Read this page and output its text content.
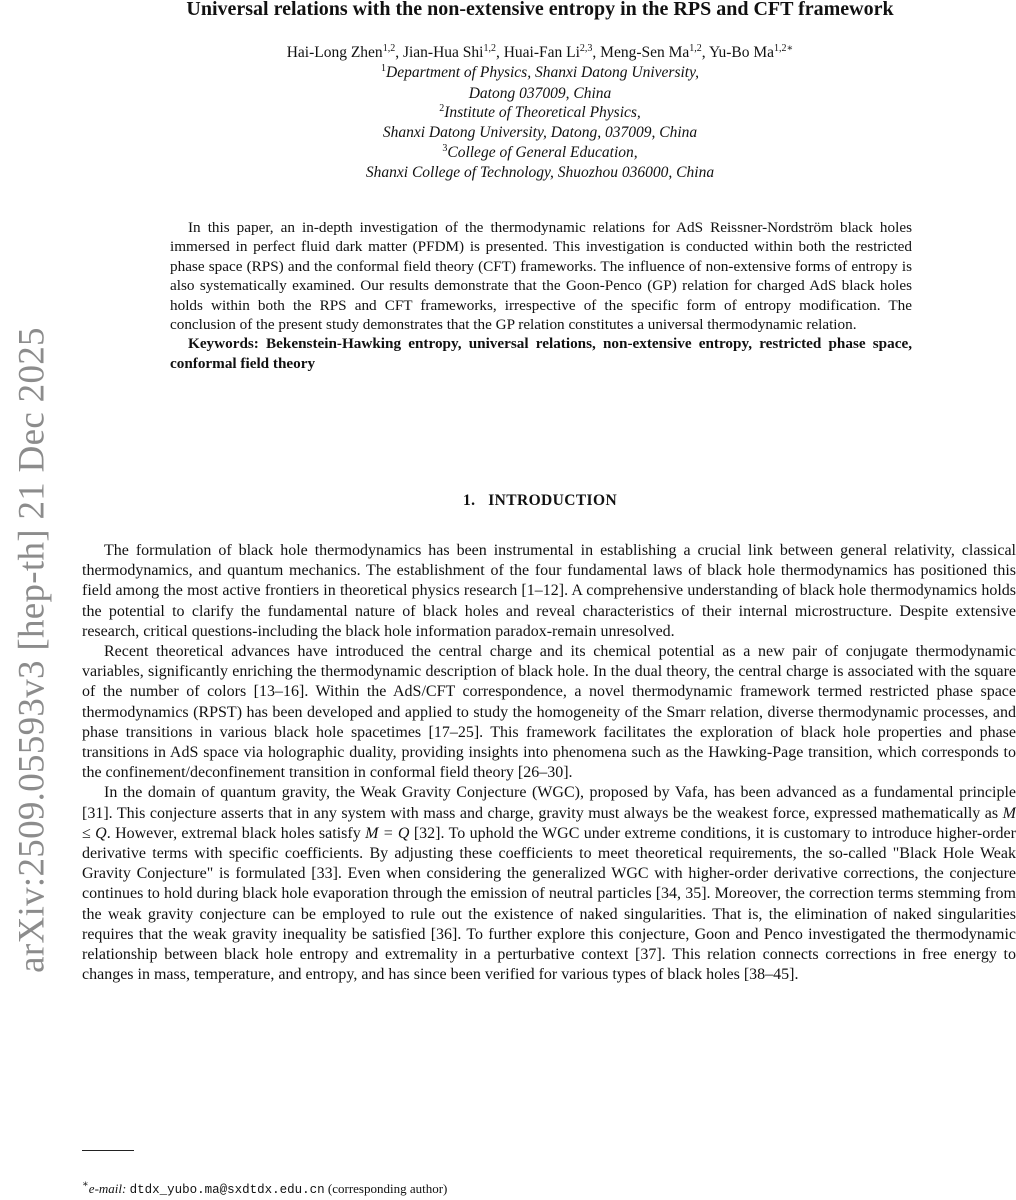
arXiv:2509.05593v3 [hep-th] 21 Dec 2025
Universal relations with the non-extensive entropy in the RPS and CFT framework
Hai-Long Zhen$^{1,2}$, Jian-Hua Shi$^{1,2}$, Huai-Fan Li$^{2,3}$, Meng-Sen Ma$^{1,2}$, Yu-Bo $Ma^{1,2∗}$
$^1$Department of Physics, Shanxi Datong University,
Datong 037009, China
$^2$Institute of Theoretical Physics,
Shanxi Datong University, Datong, 037009, China
$^3$College of General Education,
Shanxi College of Technology, Shuozhou 036000, China

In this paper, an in-depth investigation of the thermodynamic relations for AdS Reissner-Nordström black holes immersed in perfect fluid dark matter (PFDM) is presented. This investigation is conducted within both the restricted phase space (RPS) and the conformal field theory (CFT) frameworks. The influence of non-extensive forms of entropy is also systematically examined. Our results demonstrate that the Goon-Penco (GP) relation for charged AdS black holes holds within both the RPS and CFT frameworks, irrespective of the specific form of entropy modification. The conclusion of the present study demonstrates that the GP relation constitutes a universal thermodynamic relation.

Keywords: Bekenstein-Hawking entropy, universal relations, non-extensive entropy, restricted phase space, conformal field theory

1. INTRODUCTION

The formulation of black hole thermodynamics has been instrumental in establishing a crucial link between general relativity, classical thermodynamics, and quantum mechanics. The establishment of the four fundamental laws of black hole thermodynamics has positioned this field among the most active frontiers in theoretical physics research [1–12]. A comprehensive understanding of black hole thermodynamics holds the potential to clarify the fundamental nature of black holes and reveal characteristics of their internal microstructure. Despite extensive research, critical questions-including the black hole information paradox-remain unresolved.

Recent theoretical advances have introduced the central charge and its chemical potential as a new pair of conjugate thermodynamic variables, significantly enriching the thermodynamic description of black hole. In the dual theory, the central charge is associated with the square of the number of colors [13–16]. Within the AdS/CFT correspondence, a novel thermodynamic framework termed restricted phase space thermodynamics (RPST) has been developed and applied to study the homogeneity of the Smarr relation, diverse thermodynamic processes, and phase transitions in various black hole spacetimes [17–25]. This framework facilitates the exploration of black hole properties and phase transitions in AdS space via holographic duality, providing insights into phenomena such as the Hawking-Page transition, which corresponds to the confinement/deconfinement transition in conformal field theory [26–30].

In the domain of quantum gravity, the Weak Gravity Conjecture (WGC), proposed by Vafa, has been advanced as a fundamental principle [31]. This conjecture asserts that in any system with mass and charge, gravity must always be the weakest force, expressed mathematically as M ≤ Q. However, extremal black holes satisfy M = Q [32]. To uphold the WGC under extreme conditions, it is customary to introduce higher-order derivative terms with specific coefficients. By adjusting these coefficients to meet theoretical requirements, the so-called "Black Hole Weak Gravity Conjecture" is formulated [33]. Even when considering the generalized WGC with higher-order derivative corrections, the conjecture continues to hold during black hole evaporation through the emission of neutral particles [34, 35]. Moreover, the correction terms stemming from the weak gravity conjecture can be employed to rule out the existence of naked singularities. That is, the elimination of naked singularities requires that the weak gravity inequality be satisfied [36]. To further explore this conjecture, Goon and Penco investigated the thermodynamic relationship between black hole entropy and extremality in a perturbative context [37]. This relation connects corrections in free energy to changes in mass, temperature, and entropy, and has since been verified for various types of black holes [38–45].

∗e-mail: dtdx_yubo.ma@sxdtdx.edu.cn (corresponding author)
